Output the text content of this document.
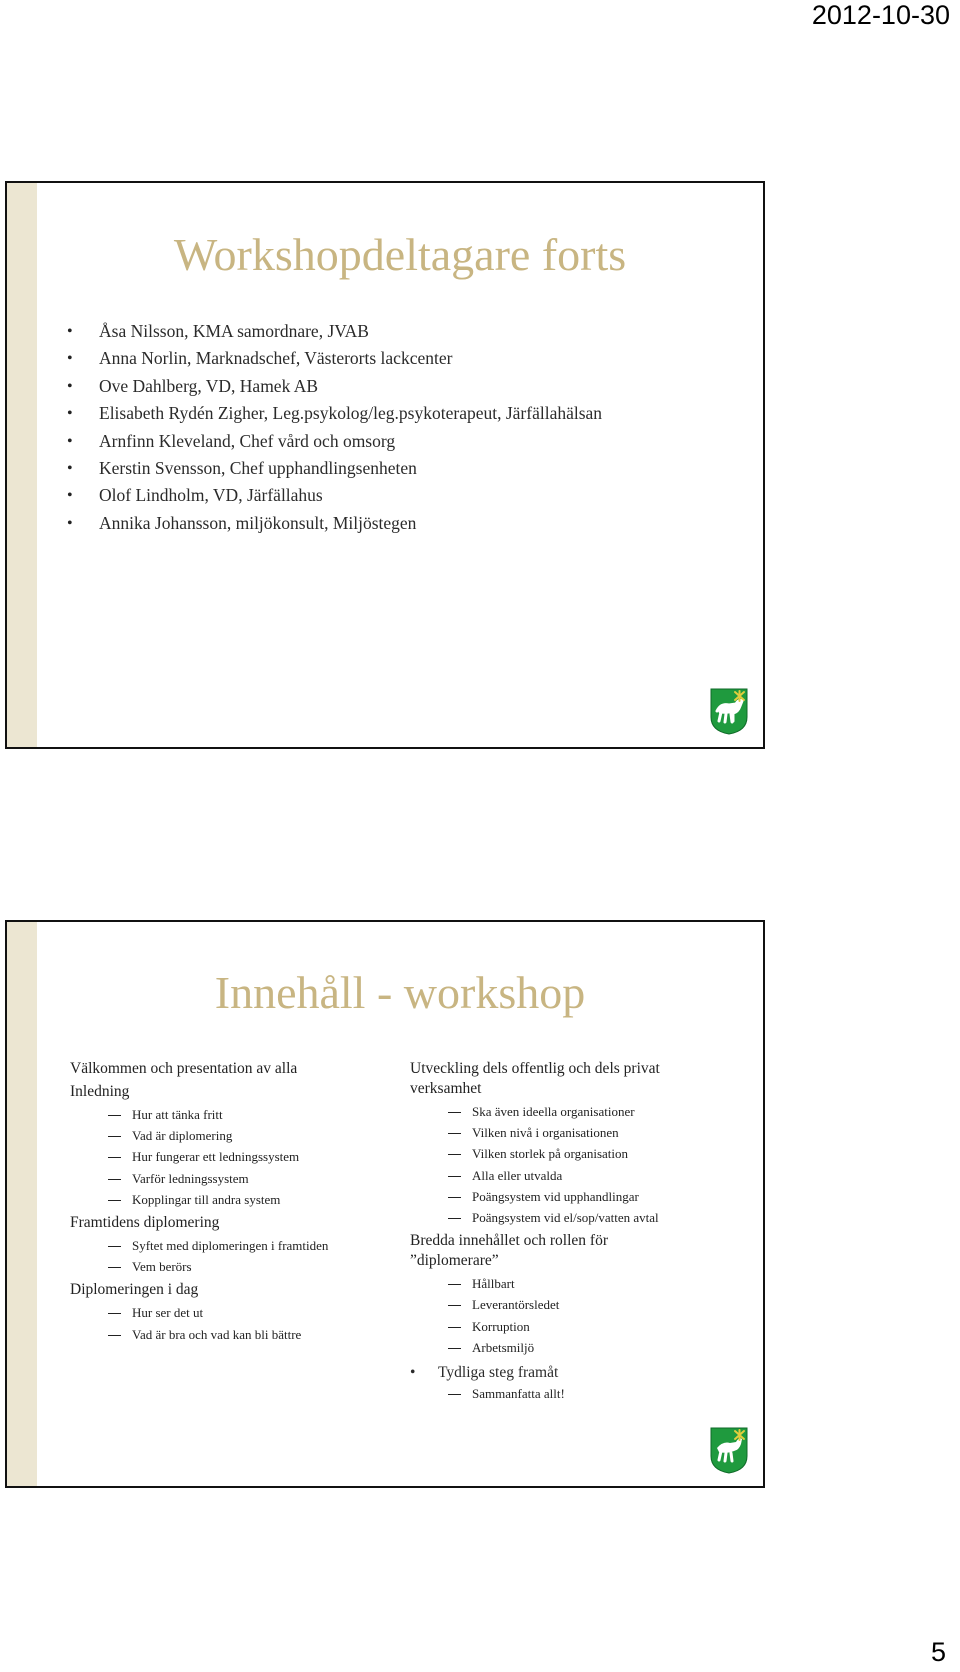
2012-10-30
Workshopdeltagare forts
• Åsa Nilsson, KMA samordnare, JVAB
• Anna Norlin, Marknadschef, Västerorts lackcenter
• Ove Dahlberg, VD, Hamek AB
• Elisabeth Rydén Zigher, Leg.psykolog/leg.psykoterapeut, Järfällahälsan
• Arnfinn Kleveland, Chef vård och omsorg
• Kerstin Svensson, Chef upphandlingsenheten
• Olof Lindholm, VD, Järfällahus
• Annika Johansson, miljökonsult, Miljöstegen
Innehåll - workshop
Välkommen och presentation av alla
Inledning
Hur att tänka fritt
Vad är diplomering
Hur fungerar ett ledningssystem
Varför ledningssystem
Kopplingar till andra system
Framtidens diplomering
Syftet med diplomeringen i framtiden
Vem berörs
Diplomeringen i dag
Hur ser det ut
Vad är bra och vad kan bli bättre
Utveckling dels offentlig och dels privat
verksamhet
Ska även ideella organisationer
Vilken nivå i organisationen
Vilken storlek på organisation
Alla eller utvalda
Poängsystem vid upphandlingar
Poängsystem vid el/sop/vatten avtal
Bredda innehållet och rollen för
”diplomerare”
Hållbart
Leverantörsledet
Korruption
Arbetsmiljö
• Tydliga steg framåt
Sammanfatta allt!
5
